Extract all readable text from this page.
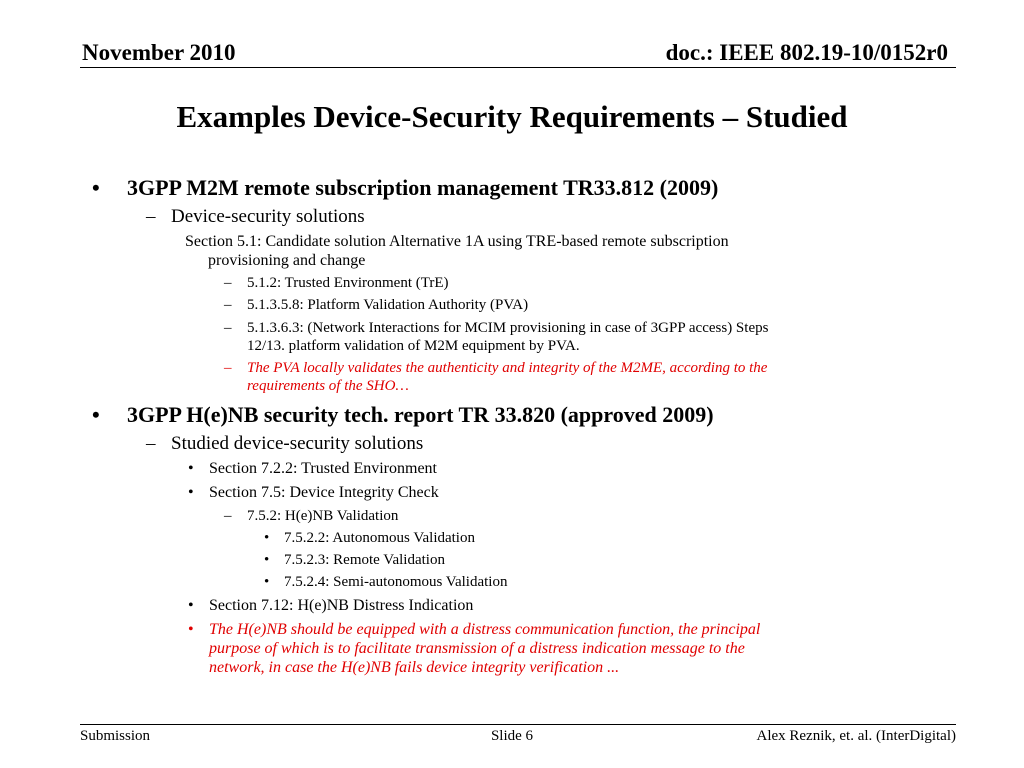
November 2010	doc.: IEEE 802.19-10/0152r0
Examples Device-Security Requirements – Studied
• 3GPP M2M remote subscription management TR33.812 (2009)
– Device-security solutions
Section 5.1: Candidate solution Alternative 1A using TRE-based remote subscription
provisioning and change
– 5.1.2: Trusted Environment (TrE)
– 5.1.3.5.8: Platform Validation Authority (PVA)
– 5.1.3.6.3: (Network Interactions for MCIM provisioning in case of 3GPP access) Steps
12/13. platform validation of M2M equipment by PVA.
– The PVA locally validates the authenticity and integrity of the M2ME, according to the
requirements of the SHO…
• 3GPP H(e)NB security tech. report TR 33.820 (approved 2009)
– Studied device-security solutions
• Section 7.2.2: Trusted Environment
• Section 7.5: Device Integrity Check
– 7.5.2: H(e)NB Validation
• 7.5.2.2: Autonomous Validation
• 7.5.2.3: Remote Validation
• 7.5.2.4: Semi-autonomous Validation
• Section 7.12: H(e)NB Distress Indication
• The H(e)NB should be equipped with a distress communication function, the principal
purpose of which is to facilitate transmission of a distress indication message to the
network, in case the H(e)NB fails device integrity verification ...
Submission	Slide 6	Alex Reznik, et. al. (InterDigital)
